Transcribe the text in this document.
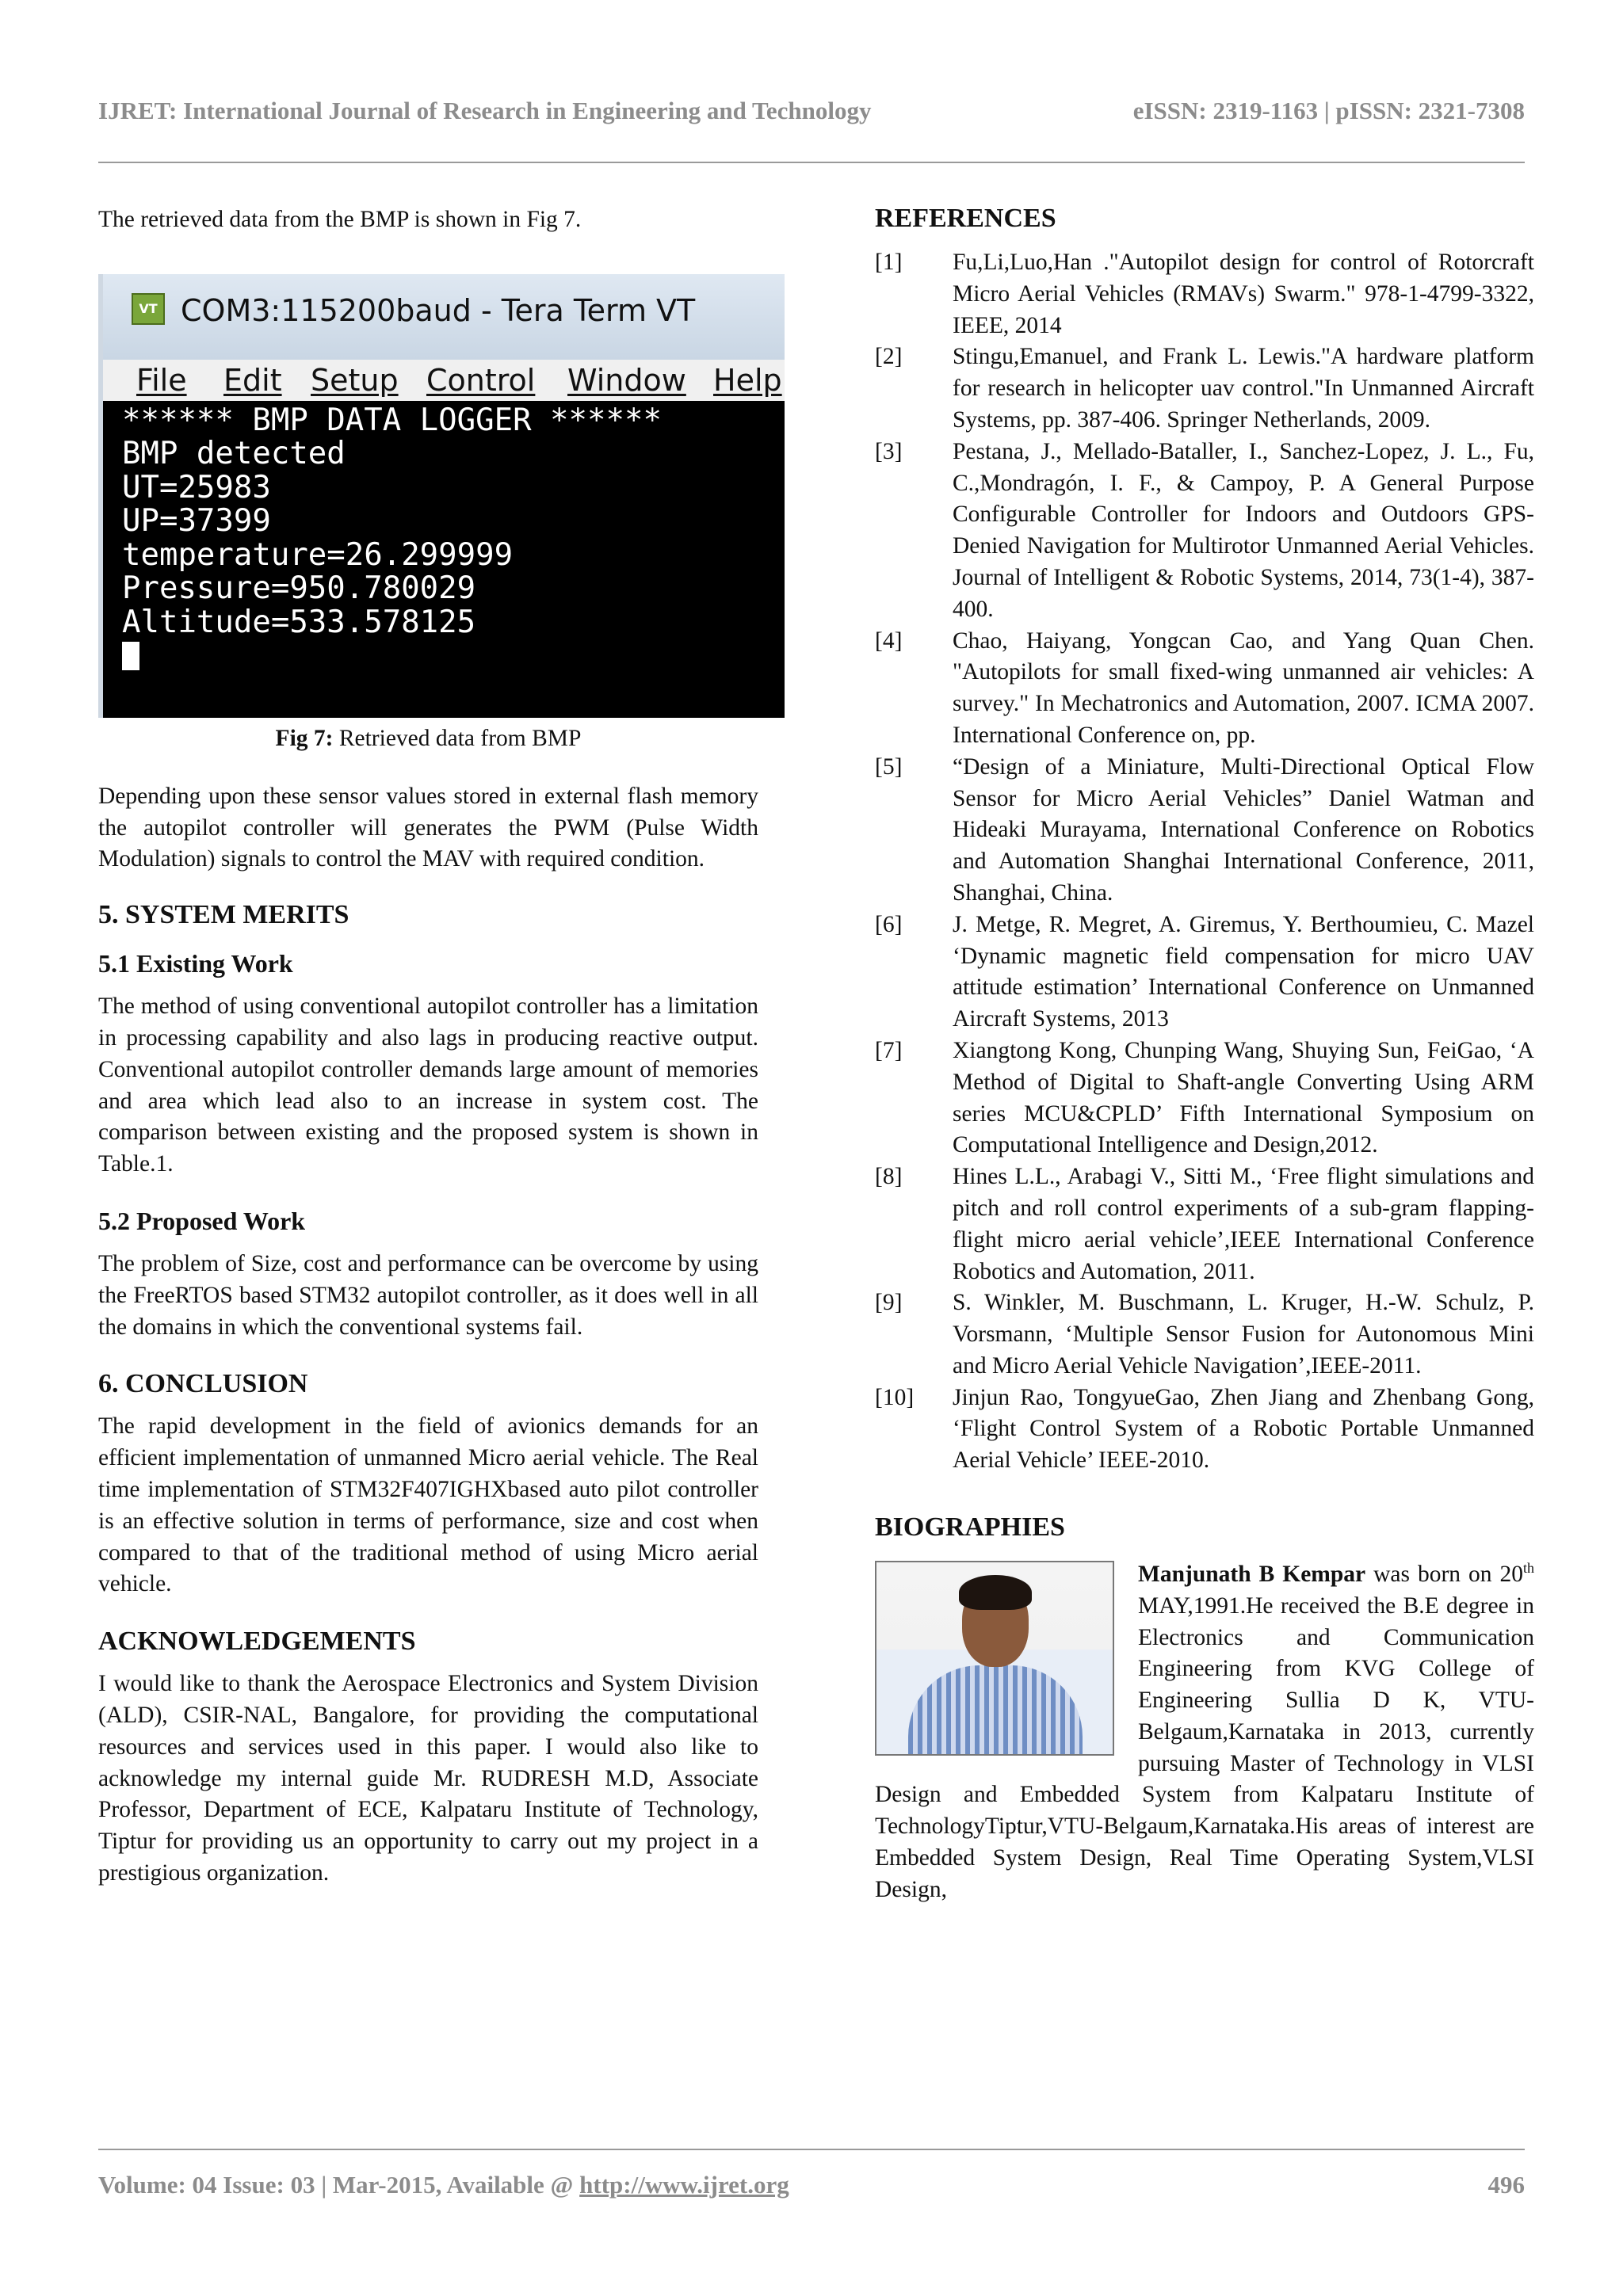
IJRET: International Journal of Research in Engineering and Technology	eISSN: 2319-1163 | pISSN: 2321-7308

The retrieved data from the BMP is shown in Fig 7.

VT COM3:115200baud - Tera Term VT
File Edit Setup Control Window Help
****** BMP DATA LOGGER ******
BMP detected
UT=25983
UP=37399
temperature=26.299999
Pressure=950.780029
Altitude=533.578125
Fig 7: Retrieved data from BMP

Depending upon these sensor values stored in external flash memory the autopilot controller will generates the PWM (Pulse Width Modulation) signals to control the MAV with required condition.

5. SYSTEM MERITS
5.1 Existing Work

The method of using conventional autopilot controller has a limitation in processing capability and also lags in producing reactive output. Conventional autopilot controller demands large amount of memories and area which lead also to an increase in system cost. The comparison between existing and the proposed system is shown in Table.1.

5.2 Proposed Work

The problem of Size, cost and performance can be overcome by using the FreeRTOS based STM32 autopilot controller, as it does well in all the domains in which the conventional systems fail.

6. CONCLUSION

The rapid development in the field of avionics demands for an efficient implementation of unmanned Micro aerial vehicle. The Real time implementation of STM32F407IGHXbased auto pilot controller is an effective solution in terms of performance, size and cost when compared to that of the traditional method of using Micro aerial vehicle.

ACKNOWLEDGEMENTS

I would like to thank the Aerospace Electronics and System Division (ALD), CSIR-NAL, Bangalore, for providing the computational resources and services used in this paper. I would also like to acknowledge my internal guide Mr. RUDRESH M.D, Associate Professor, Department of ECE, Kalpataru Institute of Technology, Tiptur for providing us an opportunity to carry out my project in a prestigious organization.

REFERENCES
[1] Fu,Li,Luo,Han ."Autopilot design for control of Rotorcraft Micro Aerial Vehicles (RMAVs) Swarm." 978-1-4799-3322, IEEE, 2014
[2] Stingu,Emanuel, and Frank L. Lewis."A hardware platform for research in helicopter uav control."In Unmanned Aircraft Systems, pp. 387-406. Springer Netherlands, 2009.
[3] Pestana, J., Mellado-Bataller, I., Sanchez-Lopez, J. L., Fu, C.,Mondragón, I. F., & Campoy, P. A General Purpose Configurable Controller for Indoors and Outdoors GPS-Denied Navigation for Multirotor Unmanned Aerial Vehicles. Journal of Intelligent & Robotic Systems, 2014, 73(1-4), 387-400.
[4] Chao, Haiyang, Yongcan Cao, and Yang Quan Chen. "Autopilots for small fixed-wing unmanned air vehicles: A survey." In Mechatronics and Automation, 2007. ICMA 2007. International Conference on, pp.
[5] “Design of a Miniature, Multi-Directional Optical Flow Sensor for Micro Aerial Vehicles” Daniel Watman and Hideaki Murayama, International Conference on Robotics and Automation Shanghai International Conference, 2011, Shanghai, China.
[6] J. Metge, R. Megret, A. Giremus, Y. Berthoumieu, C. Mazel ‘Dynamic magnetic field compensation for micro UAV attitude estimation’ International Conference on Unmanned Aircraft Systems, 2013
[7] Xiangtong Kong, Chunping Wang, Shuying Sun, FeiGao, ‘A Method of Digital to Shaft-angle Converting Using ARM series MCU&CPLD’ Fifth International Symposium on Computational Intelligence and Design,2012.
[8] Hines L.L., Arabagi V., Sitti M., ‘Free flight simulations and pitch and roll control experiments of a sub-gram flapping-flight micro aerial vehicle’,IEEE International Conference Robotics and Automation, 2011.
[9] S. Winkler, M. Buschmann, L. Kruger, H.-W. Schulz, P. Vorsmann, ‘Multiple Sensor Fusion for Autonomous Mini and Micro Aerial Vehicle Navigation’,IEEE-2011.
[10] Jinjun Rao, TongyueGao, Zhen Jiang and Zhenbang Gong, ‘Flight Control System of a Robotic Portable Unmanned Aerial Vehicle’ IEEE-2010.
BIOGRAPHIES

Manjunath B Kempar was born on 20th MAY,1991.He received the B.E degree in Electronics and Communication Engineering from KVG College of Engineering Sullia D K, VTU-Belgaum,Karnataka in 2013, currently pursuing Master of Technology in VLSI Design and Embedded System from Kalpataru Institute of TechnologyTiptur,VTU-Belgaum,Karnataka.His areas of interest are Embedded System Design, Real Time Operating System,VLSI Design,

Volume: 04 Issue: 03 | Mar-2015, Available @ http://www.ijret.org	496
